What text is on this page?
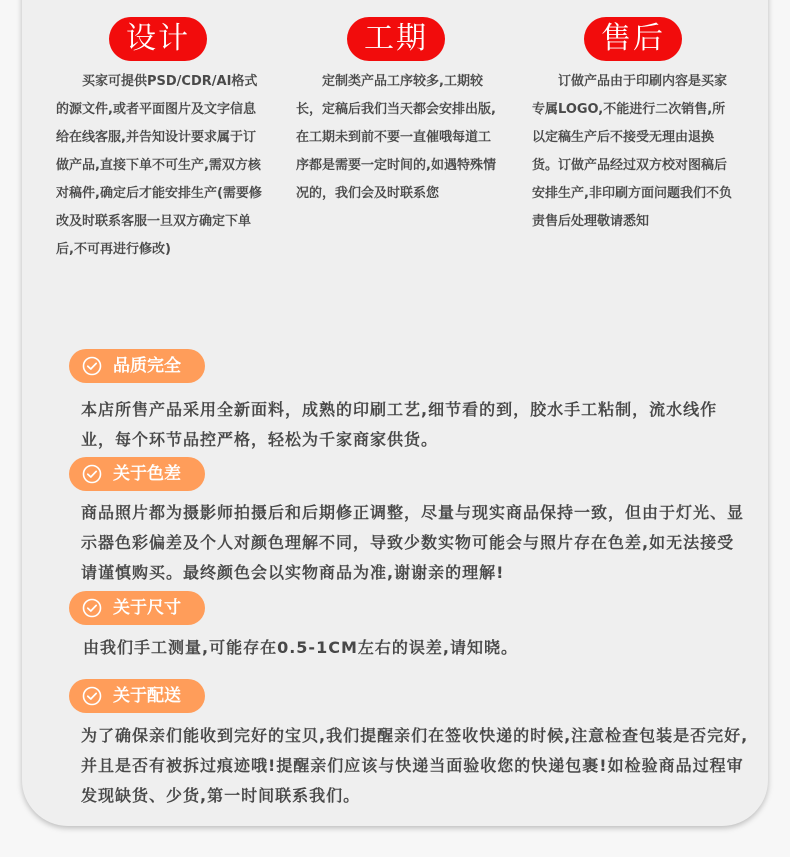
设计
买家可提供PSD/CDR/AI格式的源文件,或者平面图片及文字信息给在线客服,并告知设计要求属于订做产品,直接下单不可生产,需双方核对稿件,确定后才能安排生产(需要修改及时联系客服一旦双方确定下单后,不可再进行修改)
工期
定制类产品工序较多,工期较长，定稿后我们当天都会安排出版,在工期未到前不要一直催哦每道工序都是需要一定时间的,如遇特殊情况的，我们会及时联系您
售后
订做产品由于印刷内容是买家专属LOGO,不能进行二次销售,所以定稿生产后不接受无理由退换货。订做产品经过双方校对图稿后安排生产,非印刷方面问题我们不负责售后处理敬请悉知
品质完全
本店所售产品采用全新面料，成熟的印刷工艺,细节看的到，胶水手工粘制，流水线作业，每个环节品控严格，轻松为千家商家供货。
关于色差
商品照片都为摄影师拍摄后和后期修正调整，尽量与现实商品保持一致，但由于灯光、显示器色彩偏差及个人对颜色理解不同，导致少数实物可能会与照片存在色差,如无法接受请谨慎购买。最终颜色会以实物商品为准,谢谢亲的理解!
关于尺寸
由我们手工测量,可能存在0.5-1CM左右的误差,请知晓。
关于配送
为了确保亲们能收到完好的宝贝,我们提醒亲们在签收快递的时候,注意检查包装是否完好,并且是否有被拆过痕迹哦!提醒亲们应该与快递当面验收您的快递包裹!如检验商品过程审发现缺货、少货,第一时间联系我们。
